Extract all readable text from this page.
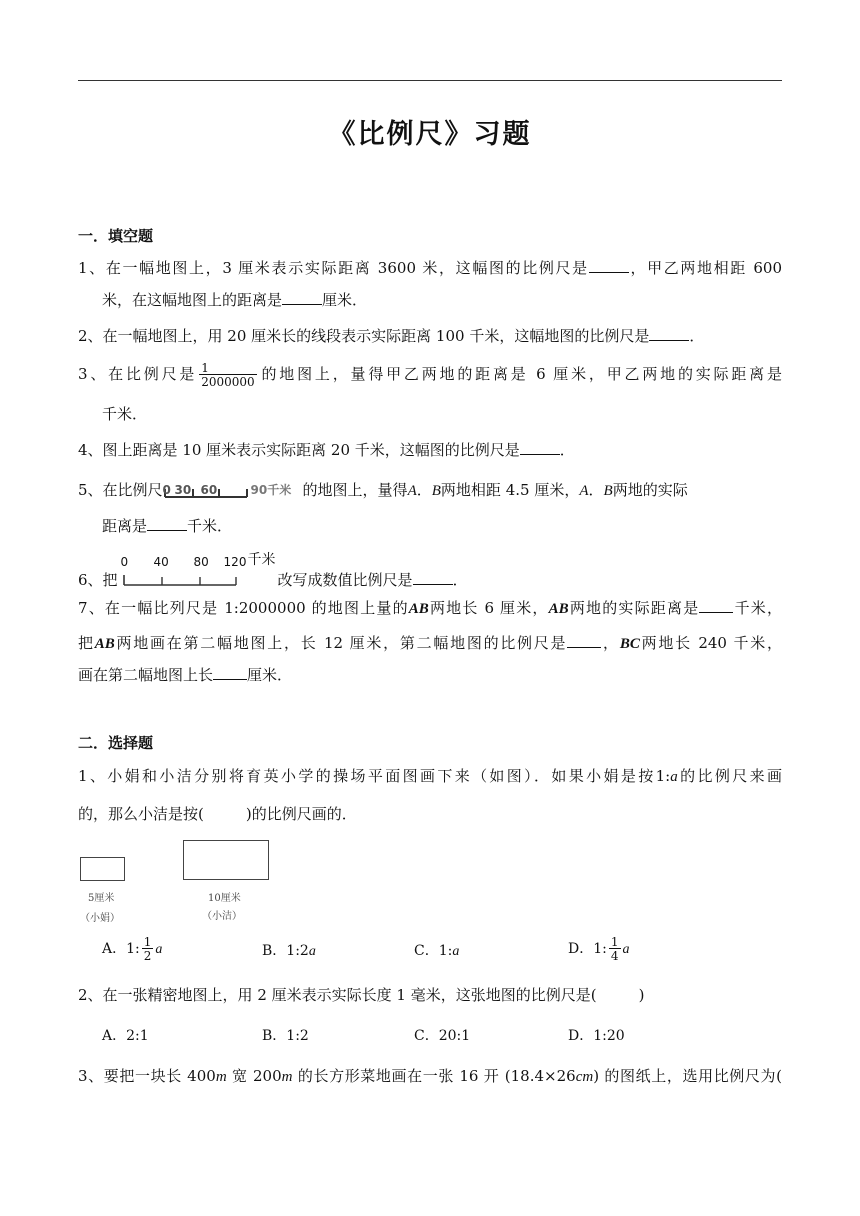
《比例尺》习题
一．填空题
1、在一幅地图上，3 厘米表示实际距离 3600 米，这幅图的比例尺是	，甲乙两地相距 600
米，在这幅地图上的距离是	厘米．
2、在一幅地图上，用 20 厘米长的线段表示实际距离 100 千米，这幅地图的比例尺是	．
3、在比例尺是 $\frac{1}{2000000}$ 的地图上，量得甲乙两地的距离是 6 厘米，甲乙两地的实际距离是
千米．
4、图上距离是 10 厘米表示实际距离 20 千米，这幅图的比例尺是	．
5、在比例尺 0 30 60	90千米 的地图上，量得A．B两地相距 4.5 厘米，A．B两地的实际
距离是	千米．
6、把
0 40 80 120 千米
改写成数值比例尺是	．
7、在一幅比列尺是 1:2000000 的地图上量的AB两地长 6 厘米，AB两地的实际距离是 千米，
把AB两地画在第二幅地图上，长 12 厘米，第二幅地图的比例尺是 ，BC两地长 240 千米，
画在第二幅地图上长 厘米．
二．选择题
1、小娟和小洁分别将育英小学的操场平面图画下来（如图）．如果小娟是按1:a的比例尺来画
的，那么小洁是按(	)的比例尺画的．
5厘米
（小娟）
10厘米
（小洁）
A．1: $\frac{1}{2}$ a	B．1:2a	C．1:a	D．1: $\frac{1}{4}$ a
2、在一张精密地图上，用 2 厘米表示实际长度 1 毫米，这张地图的比例尺是(	)
A．2:1	B．1:2	C．20:1	D．1:20
3、要把一块长 400m 宽 200m 的长方形菜地画在一张 16 开 (18.4×26cm) 的图纸上，选用比例尺为(
